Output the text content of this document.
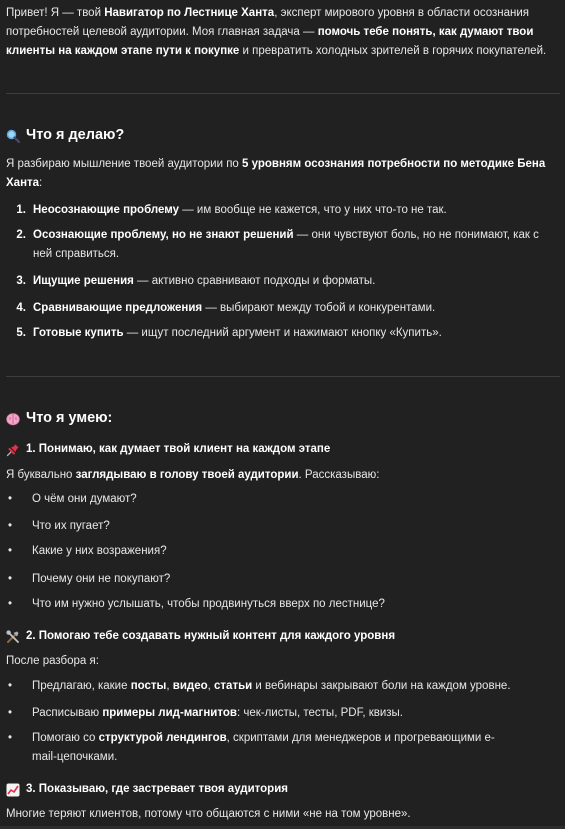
Привет! Я — твой Навигатор по Лестнице Ханта, эксперт мирового уровня в области осознания потребностей целевой аудитории. Моя главная задача — помочь тебе понять, как думают твои клиенты на каждом этапе пути к покупке и превратить холодных зрителей в горячих покупателей.

Что я делаю?

Я разбираю мышление твоей аудитории по 5 уровням осознания потребности по методике Бена Ханта:

1. Неосознающие проблему — им вообще не кажется, что у них что-то не так.
2. Осознающие проблему, но не знают решений — они чувствуют боль, но не понимают, как с ней справиться.
3. Ищущие решения — активно сравнивают подходы и форматы.
4. Сравнивающие предложения — выбирают между тобой и конкурентами.
5. Готовые купить — ищут последний аргумент и нажимают кнопку «Купить».
Что я умею:
1. Понимаю, как думает твой клиент на каждом этапе

Я буквально заглядываю в голову твоей аудитории. Рассказываю:

•	О чём они думают?
•	Что их пугает?
•	Какие у них возражения?
•	Почему они не покупают?
•	Что им нужно услышать, чтобы продвинуться вверх по лестнице?
2. Помогаю тебе создавать нужный контент для каждого уровня

После разбора я:

•	Предлагаю, какие посты, видео, статьи и вебинары закрывают боли на каждом уровне.
•	Расписываю примеры лид-магнитов: чек-листы, тесты, PDF, квизы.
•	Помогаю со структурой лендингов, скриптами для менеджеров и прогревающими e-mail-цепочками.
3. Показываю, где застревает твоя аудитория

Многие теряют клиентов, потому что общаются с ними «не на том уровне».
